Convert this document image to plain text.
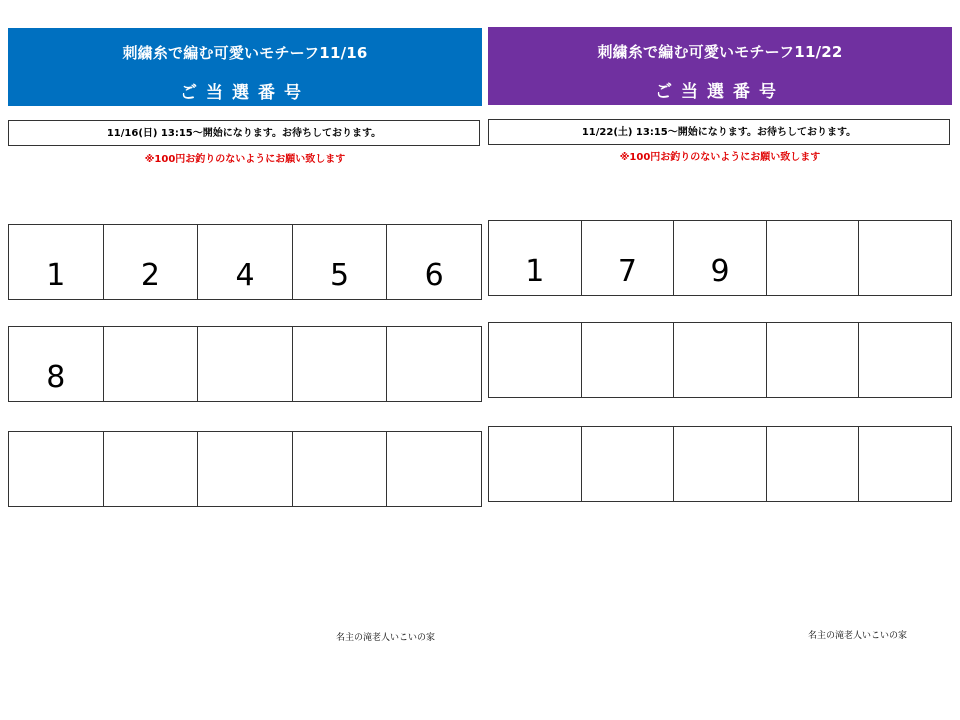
刺繍糸で編む可愛いモチーフ11/16
ご当選番号
11/16(日) 13:15～開始になります。お待ちしております。
※100円お釣りのないようにお願い致します
1	2	4	5	6
8
名主の滝老人いこいの家
刺繍糸で編む可愛いモチーフ11/22
ご当選番号
11/22(土) 13:15～開始になります。お待ちしております。
※100円お釣りのないようにお願い致します
1	7	9
名主の滝老人いこいの家
